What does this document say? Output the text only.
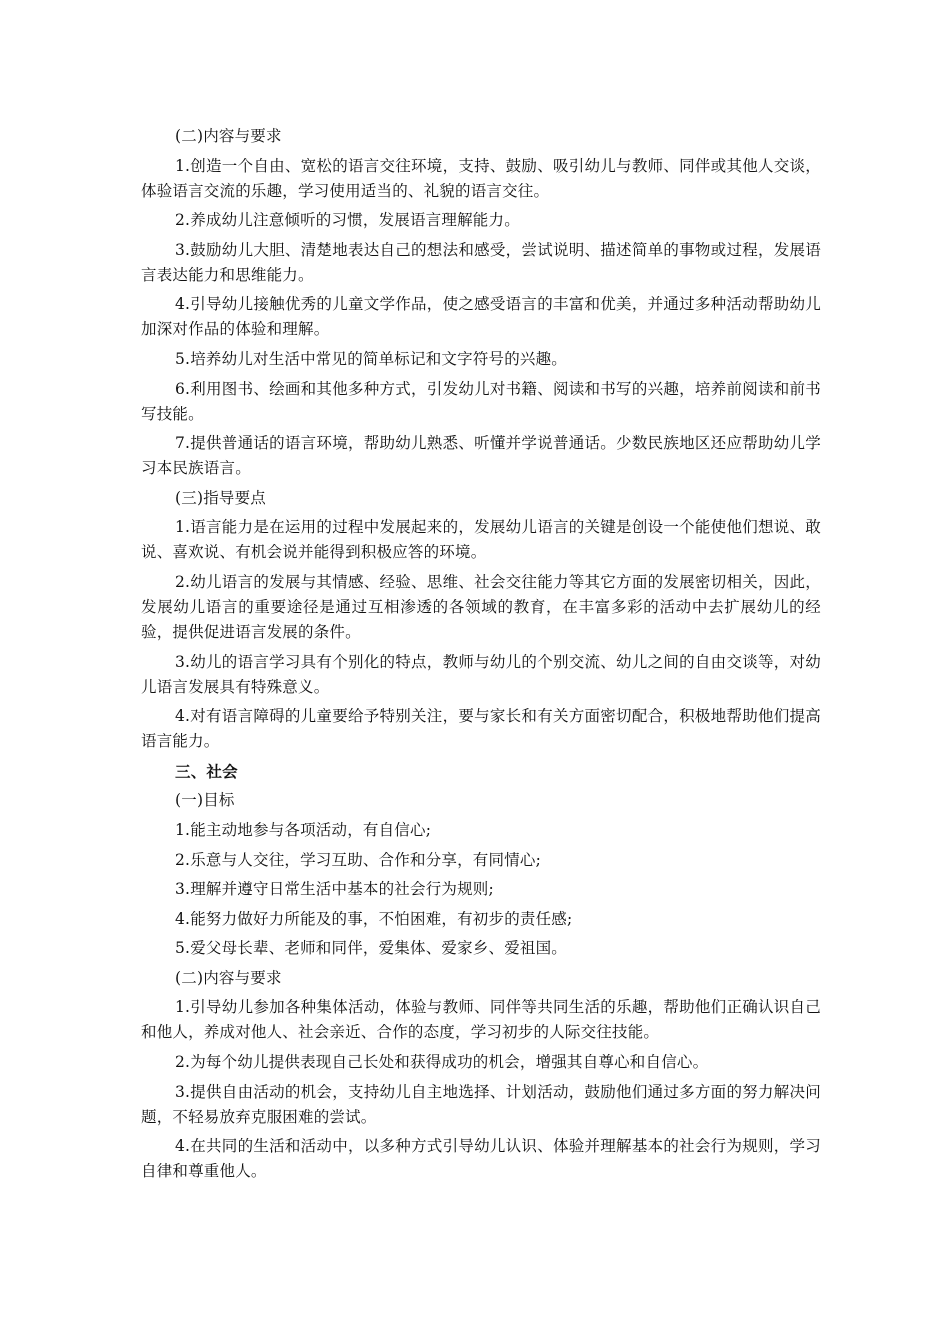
(二)内容与要求

1.创造一个自由、宽松的语言交往环境，支持、鼓励、吸引幼儿与教师、同伴或其他人交谈，体验语言交流的乐趣，学习使用适当的、礼貌的语言交往。

2.养成幼儿注意倾听的习惯，发展语言理解能力。

3.鼓励幼儿大胆、清楚地表达自己的想法和感受，尝试说明、描述简单的事物或过程，发展语言表达能力和思维能力。

4.引导幼儿接触优秀的儿童文学作品，使之感受语言的丰富和优美，并通过多种活动帮助幼儿加深对作品的体验和理解。

5.培养幼儿对生活中常见的简单标记和文字符号的兴趣。

6.利用图书、绘画和其他多种方式，引发幼儿对书籍、阅读和书写的兴趣，培养前阅读和前书写技能。

7.提供普通话的语言环境，帮助幼儿熟悉、听懂并学说普通话。少数民族地区还应帮助幼儿学习本民族语言。

(三)指导要点

1.语言能力是在运用的过程中发展起来的，发展幼儿语言的关键是创设一个能使他们想说、敢说、喜欢说、有机会说并能得到积极应答的环境。

2.幼儿语言的发展与其情感、经验、思维、社会交往能力等其它方面的发展密切相关，因此，发展幼儿语言的重要途径是通过互相渗透的各领域的教育，在丰富多彩的活动中去扩展幼儿的经验，提供促进语言发展的条件。

3.幼儿的语言学习具有个别化的特点，教师与幼儿的个别交流、幼儿之间的自由交谈等，对幼儿语言发展具有特殊意义。

4.对有语言障碍的儿童要给予特别关注，要与家长和有关方面密切配合，积极地帮助他们提高语言能力。

三、社会

(一)目标

1.能主动地参与各项活动，有自信心;

2.乐意与人交往，学习互助、合作和分享，有同情心;

3.理解并遵守日常生活中基本的社会行为规则;

4.能努力做好力所能及的事，不怕困难，有初步的责任感;

5.爱父母长辈、老师和同伴，爱集体、爱家乡、爱祖国。

(二)内容与要求

1.引导幼儿参加各种集体活动，体验与教师、同伴等共同生活的乐趣，帮助他们正确认识自己和他人，养成对他人、社会亲近、合作的态度，学习初步的人际交往技能。

2.为每个幼儿提供表现自己长处和获得成功的机会，增强其自尊心和自信心。

3.提供自由活动的机会，支持幼儿自主地选择、计划活动，鼓励他们通过多方面的努力解决问题，不轻易放弃克服困难的尝试。

4.在共同的生活和活动中，以多种方式引导幼儿认识、体验并理解基本的社会行为规则，学习自律和尊重他人。
